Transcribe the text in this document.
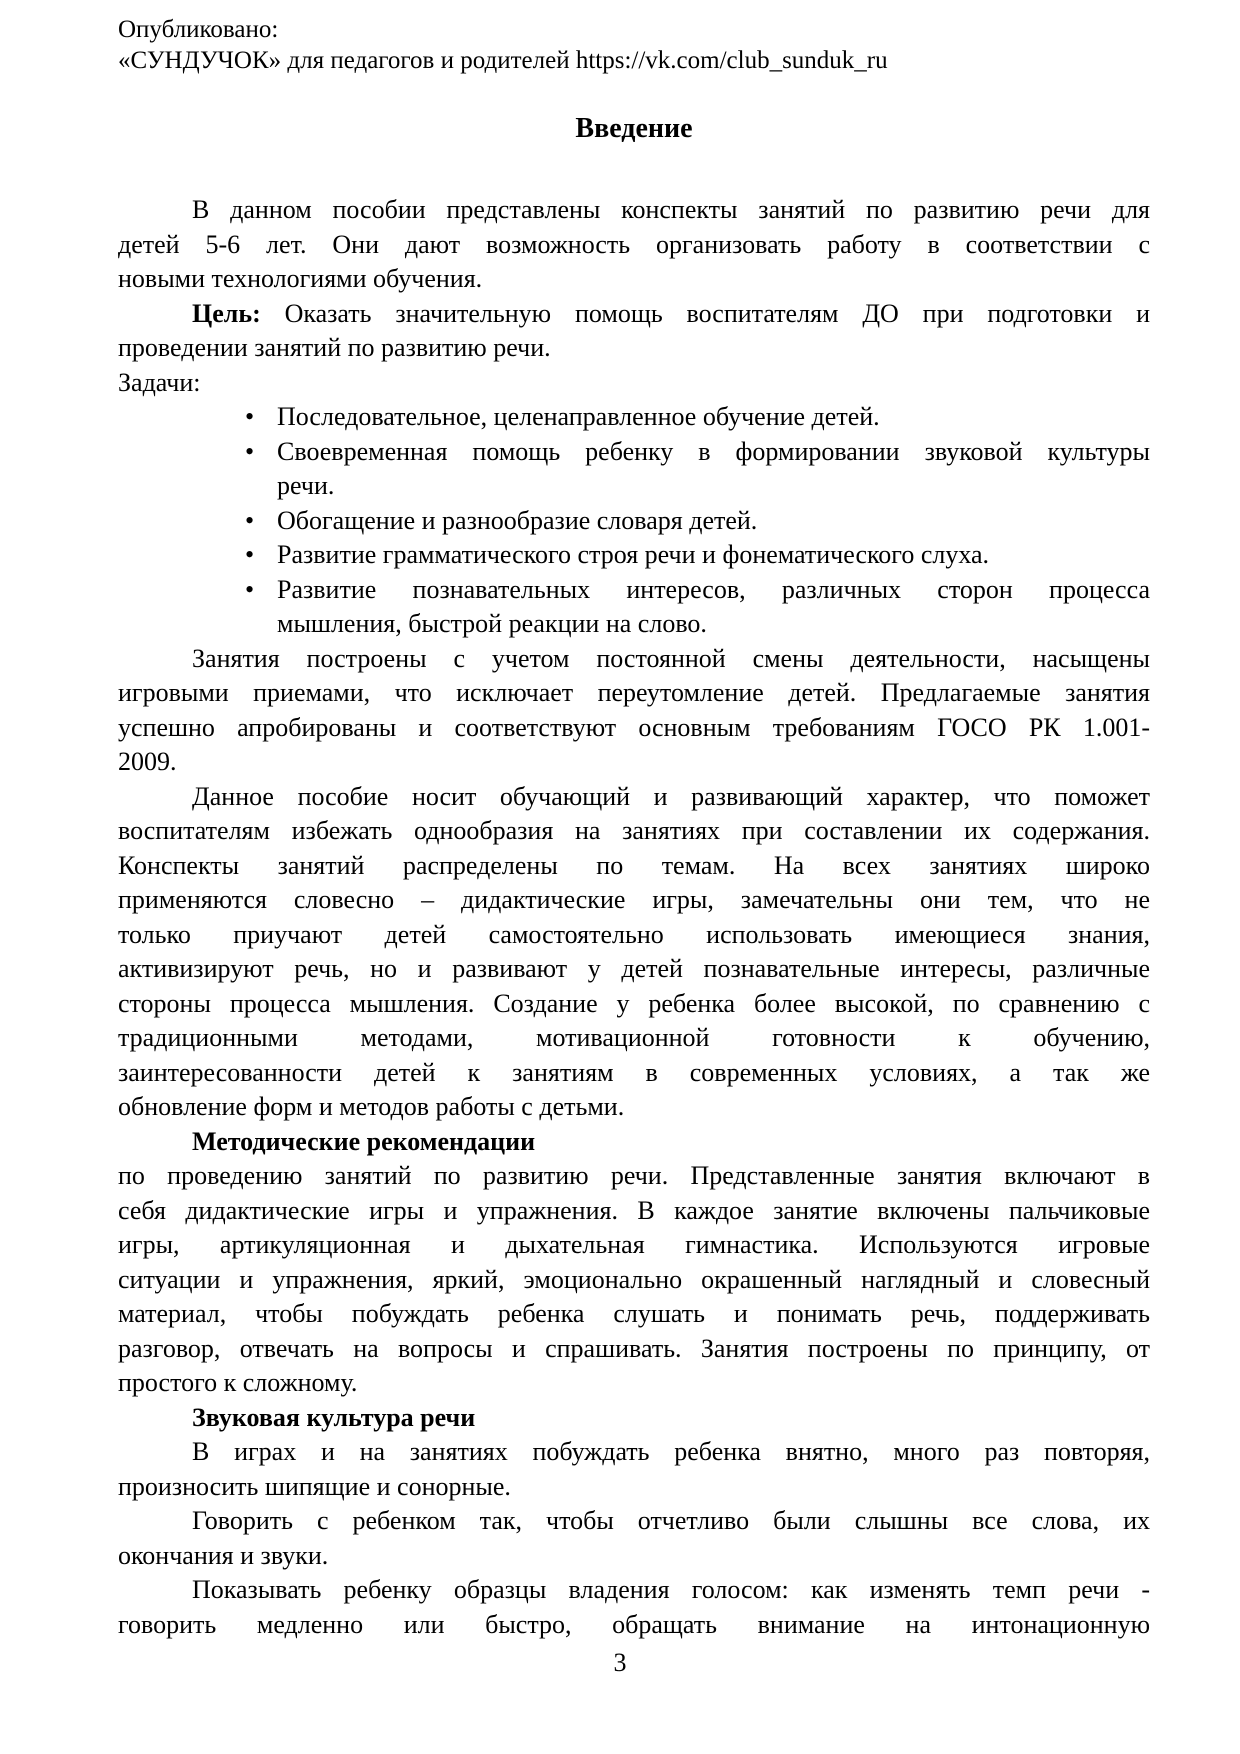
Опубликовано:
«СУНДУЧОК» для педагогов и родителей https://vk.com/club_sunduk_ru
Введение
В данном пособии представлены конспекты занятий по развитию речи для
детей 5-6 лет. Они дают возможность организовать работу в соответствии с
новыми технологиями обучения.
Цель: Оказать значительную помощь воспитателям ДО при подготовки и
проведении занятий по развитию речи.
Задачи:
• Последовательное, целенаправленное обучение детей.
• Своевременная помощь ребенку в формировании звуковой культуры
речи.
• Обогащение и разнообразие словаря детей.
• Развитие грамматического строя речи и фонематического слуха.
• Развитие познавательных интересов, различных сторон процесса
мышления, быстрой реакции на слово.
Занятия построены с учетом постоянной смены деятельности, насыщены
игровыми приемами, что исключает переутомление детей. Предлагаемые занятия
успешно апробированы и соответствуют основным требованиям ГОСО РК 1.001-
2009.
Данное пособие носит обучающий и развивающий характер, что поможет
воспитателям избежать однообразия на занятиях при составлении их содержания.
Конспекты занятий распределены по темам. На всех занятиях широко
применяются словесно – дидактические игры, замечательны они тем, что не
только приучают детей самостоятельно использовать имеющиеся знания,
активизируют речь, но и развивают у детей познавательные интересы, различные
стороны процесса мышления. Создание у ребенка более высокой, по сравнению с
традиционными методами, мотивационной готовности к обучению,
заинтересованности детей к занятиям в современных условиях, а так же
обновление форм и методов работы с детьми.
Методические рекомендации
по проведению занятий по развитию речи. Представленные занятия включают в
себя дидактические игры и упражнения. В каждое занятие включены пальчиковые
игры, артикуляционная и дыхательная гимнастика. Используются игровые
ситуации и упражнения, яркий, эмоционально окрашенный наглядный и словесный
материал, чтобы побуждать ребенка слушать и понимать речь, поддерживать
разговор, отвечать на вопросы и спрашивать. Занятия построены по принципу, от
простого к сложному.
Звуковая культура речи
В играх и на занятиях побуждать ребенка внятно, много раз повторяя,
произносить шипящие и сонорные.
Говорить с ребенком так, чтобы отчетливо были слышны все слова, их
окончания и звуки.
Показывать ребенку образцы владения голосом: как изменять темп речи -
говорить медленно или быстро, обращать внимание на интонационную
3
